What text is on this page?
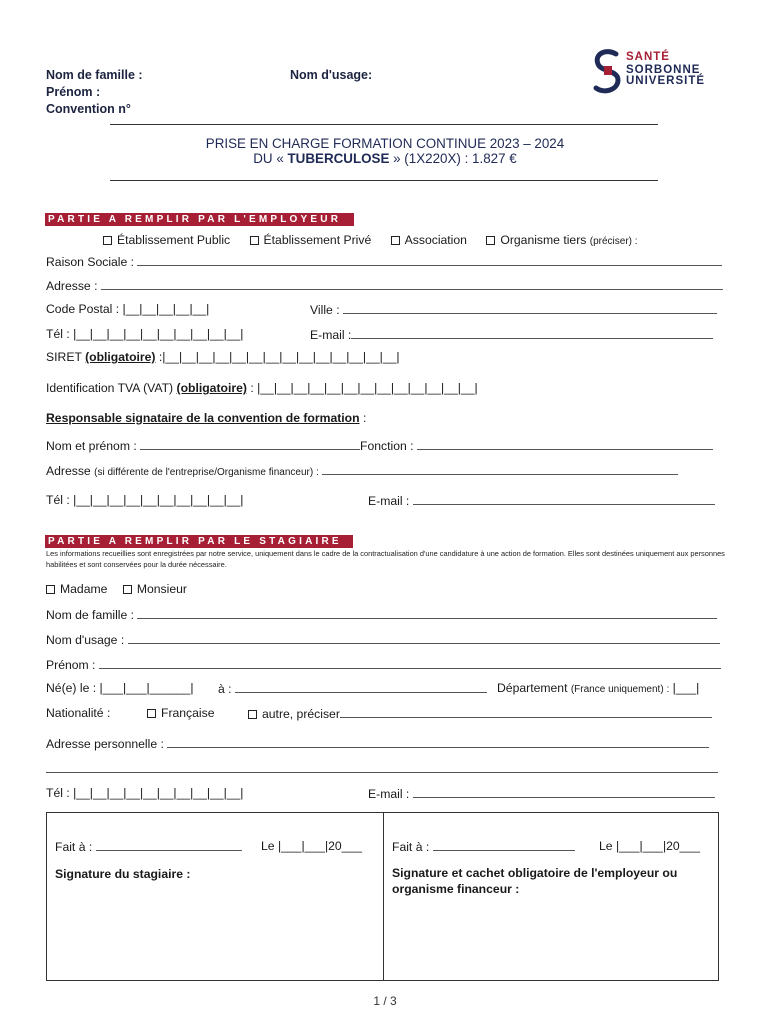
Nom de famille :	Nom d'usage:
Prénom :
Convention n°
SANTÉ
SORBONNE
UNIVERSITÉ
PRISE EN CHARGE FORMATION CONTINUE 2023 – 2024
DU « TUBERCULOSE » (1X220X) : 1.827 €
PARTIE A REMPLIR PAR L'EMPLOYEUR
Établissement Public	Établissement Privé	Association	Organisme tiers (préciser) :
Raison Sociale :
Adresse :
Code Postal : |__|__|__|__|__|	Ville :
Tél : |__|__|__|__|__|__|__|__|__|__|	E-mail :
SIRET (obligatoire) :|__|__|__|__|__|__|__|__|__|__|__|__|__|__|
Identification TVA (VAT) (obligatoire) : |__|__|__|__|__|__|__|__|__|__|__|__|__|
Responsable signataire de la convention de formation :
Nom et prénom :	Fonction :
Adresse (si différente de l'entreprise/Organisme financeur) :
Tél : |__|__|__|__|__|__|__|__|__|__|	E-mail :
PARTIE A REMPLIR PAR LE STAGIAIRE
Les informations recueillies sont enregistrées par notre service, uniquement dans le cadre de la contractualisation d'une candidature à une action de formation. Elles sont destinées uniquement aux personnes habilitées et sont conservées pour la durée nécessaire.
Madame Monsieur
Nom de famille :
Nom d'usage :
Prénom :
Né(e) le : |___|___|______| à :	Département (France uniquement) : |___|
Nationalité :	Française	autre, préciser
Adresse personnelle :
Tél : |__|__|__|__|__|__|__|__|__|__|	E-mail :
Fait à :	Le |___|___|20___
Signature du stagiaire :
Fait à :	Le |___|___|20___
Signature et cachet obligatoire de l'employeur ou
organisme financeur :
1 / 3
